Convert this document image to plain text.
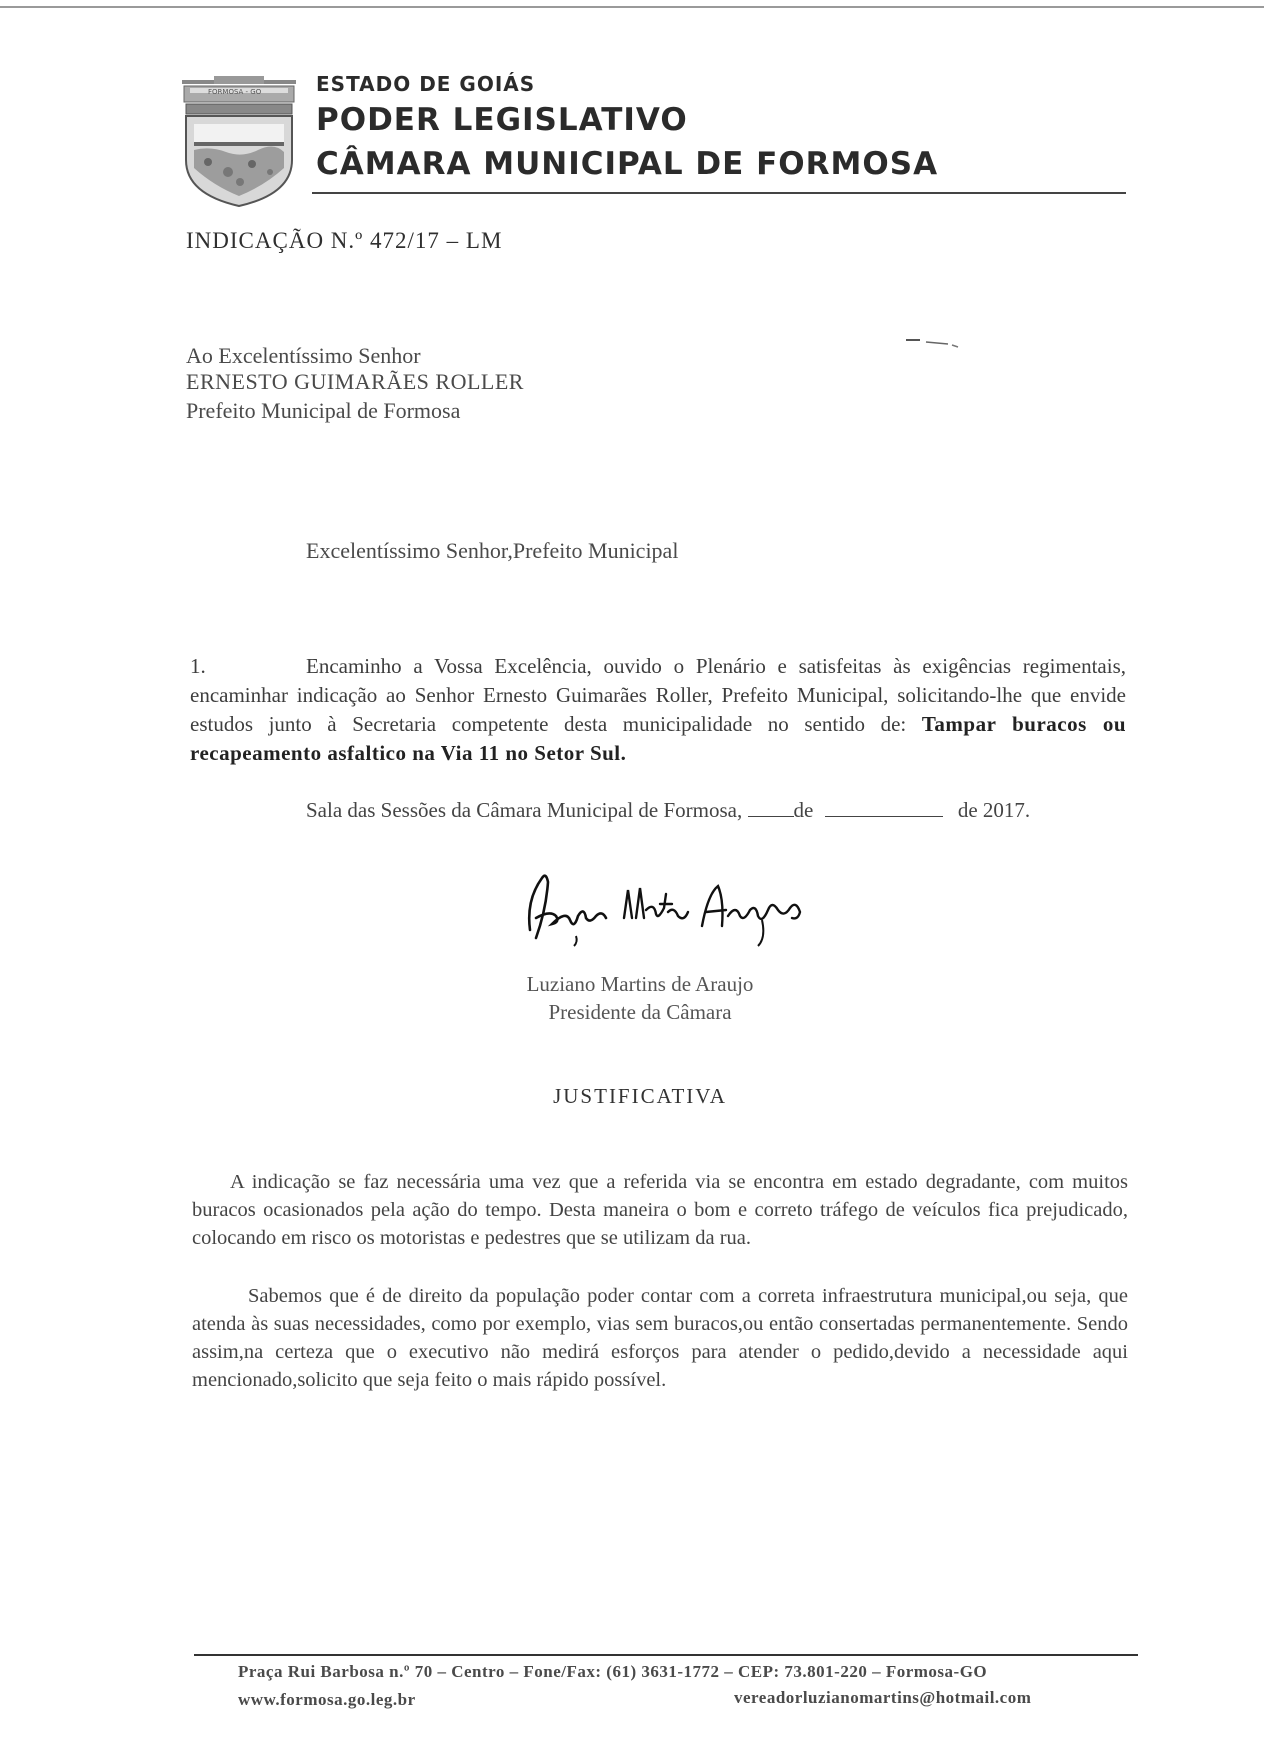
FORMOSA - GO	ESTADO DE GOIÁS
PODER LEGISLATIVO
CÂMARA MUNICIPAL DE FORMOSA
INDICAÇÃO N.º 472/17 – LM
Ao Excelentíssimo Senhor
ERNESTO GUIMARÃES ROLLER
Prefeito Municipal de Formosa
Excelentíssimo Senhor,Prefeito Municipal
1.	Encaminho a Vossa Excelência, ouvido o Plenário e satisfeitas às exigências regimentais, encaminhar indicação ao Senhor Ernesto Guimarães Roller, Prefeito Municipal, solicitando-lhe que envide estudos junto à Secretaria competente desta municipalidade no sentido de: Tampar buracos ou recapeamento asfaltico na Via 11 no Setor Sul.
Sala das Sessões da Câmara Municipal de Formosa, de	de 2017.
Luziano Martins de Araujo
Presidente da Câmara
JUSTIFICATIVA
A indicação se faz necessária uma vez que a referida via se encontra em estado degradante, com muitos buracos ocasionados pela ação do tempo. Desta maneira o bom e correto tráfego de veículos fica prejudicado, colocando em risco os motoristas e pedestres que se utilizam da rua.
Sabemos que é de direito da população poder contar com a correta infraestrutura municipal,ou seja, que atenda às suas necessidades, como por exemplo, vias sem buracos,ou então consertadas permanentemente. Sendo assim,na certeza que o executivo não medirá esforços para atender o pedido,devido a necessidade aqui mencionado,solicito que seja feito o mais rápido possível.
Praça Rui Barbosa n.º 70 – Centro – Fone/Fax: (61) 3631-1772 – CEP: 73.801-220 – Formosa-GO
www.formosa.go.leg.br	vereadorluzianomartins@hotmail.com
